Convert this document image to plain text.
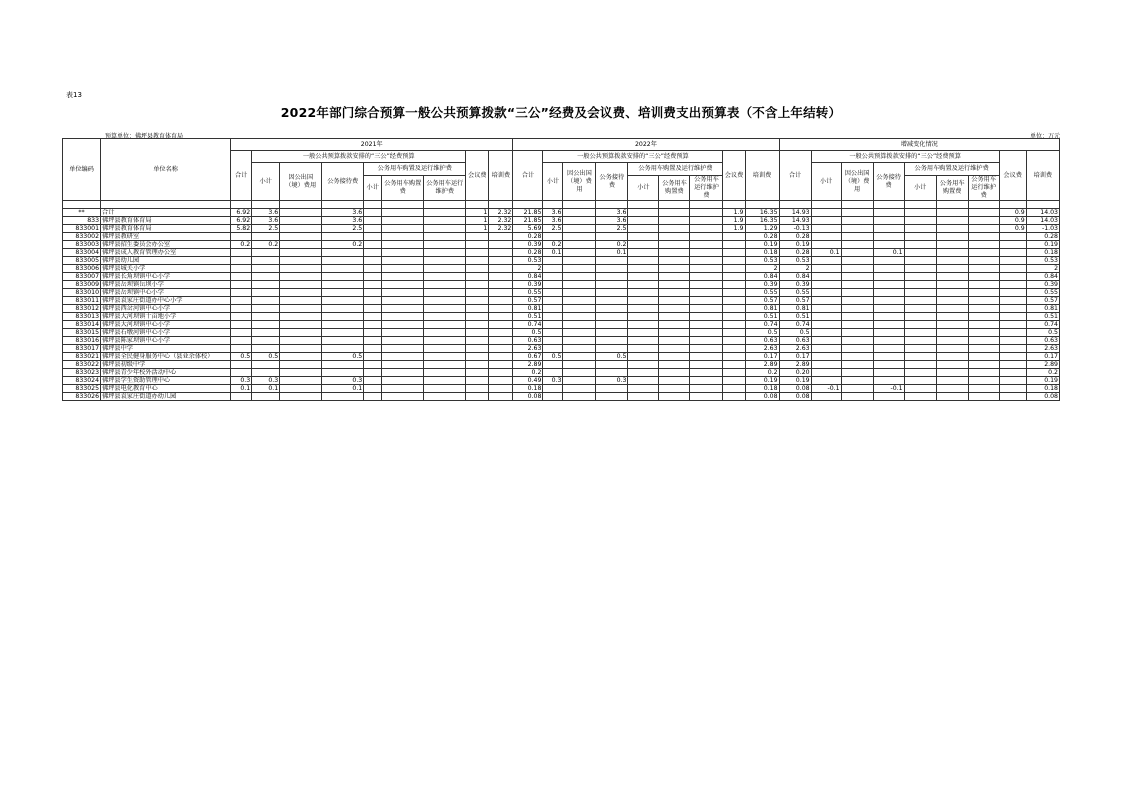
表13
2022年部门综合预算一般公共预算拨款“三公”经费及会议费、培训费支出预算表（不含上年结转）
预算单位：佛坪县教育体育局	单位：万元
单位编码	单位名称	2021年									2022年									增减变化情况								
		合计	一般公共预算拨款安排的“三公”经费预算						会议费	培训费	合计	一般公共预算拨款安排的“三公”经费预算						会议费	培训费	合计	一般公共预算拨款安排的“三公”经费预算						会议费	培训费
			小计	因公出国（境）费用	公务接待费	公务用车购置及运行维护费						小计	因公出国（境）费用	公务接待费	公务用车购置及运行维护费						小计	因公出国（境）费用	公务接待费	公务用车购置及运行维护费				
						小计	公务用车购置费	公务用车运行维护费							小计	公务用车购置费	公务用车运行维护费							小计	公务用车购置费	公务用车运行维护费		

**	合计	6.92	3.6		3.6				1	2.32	21.85	3.6		3.6				1.9	16.35	14.93							0.9	14.03
833	佛坪县教育体育局	6.92	3.6		3.6				1	2.32	21.85	3.6		3.6				1.9	16.35	14.93							0.9	14.03
833001	佛坪县教育体育局	5.82	2.5		2.5				1	2.32	5.69	2.5		2.5				1.9	1.29	-0.13							0.9	-1.03
833002	佛坪县教研室										0.28								0.28	0.28								0.28
833003	佛坪县招生委员会办公室	0.2	0.2		0.2						0.39	0.2		0.2					0.19	0.19								0.19
833004	佛坪县成人教育管理办公室										0.28	0.1		0.1					0.18	0.28	0.1		0.1					0.18
833005	佛坪县幼儿园										0.53								0.53	0.53								0.53
833006	佛坪县城关小学										2								2	2								2
833007	佛坪县长角坝镇中心小学										0.84								0.84	0.84								0.84
833009	佛坪县岳坝镇岳坝小学										0.39								0.39	0.39								0.39
833010	佛坪县岳坝镇中心小学										0.55								0.55	0.55								0.55
833011	佛坪县袁家庄街道办中心小学										0.57								0.57	0.57								0.57
833012	佛坪县西岔河镇中心小学										0.81								0.81	0.81								0.81
833013	佛坪县大河坝镇十亩地小学										0.51								0.51	0.51								0.51
833014	佛坪县大河坝镇中心小学										0.74								0.74	0.74								0.74
833015	佛坪县石墩河镇中心小学										0.5								0.5	0.5								0.5
833016	佛坪县陈家坝镇中心小学										0.63								0.63	0.63								0.63
833017	佛坪县中学										2.63								2.63	2.63								2.63
833021	佛坪县全民健身服务中心（县业余体校）	0.5	0.5		0.5						0.67	0.5		0.5					0.17	0.17								0.17
833022	佛坪县初级中学										2.89								2.89	2.89								2.89
833023	佛坪县青少年校外活动中心										0.2								0.2	0.20								0.2
833024	佛坪县学生资助管理中心	0.3	0.3		0.3						0.49	0.3		0.3					0.19	0.19								0.19
833025	佛坪县电化教育中心	0.1	0.1		0.1						0.18								0.18	0.08	-0.1		-0.1					0.18
833026	佛坪县袁家庄街道办幼儿园										0.08								0.08	0.08								0.08
